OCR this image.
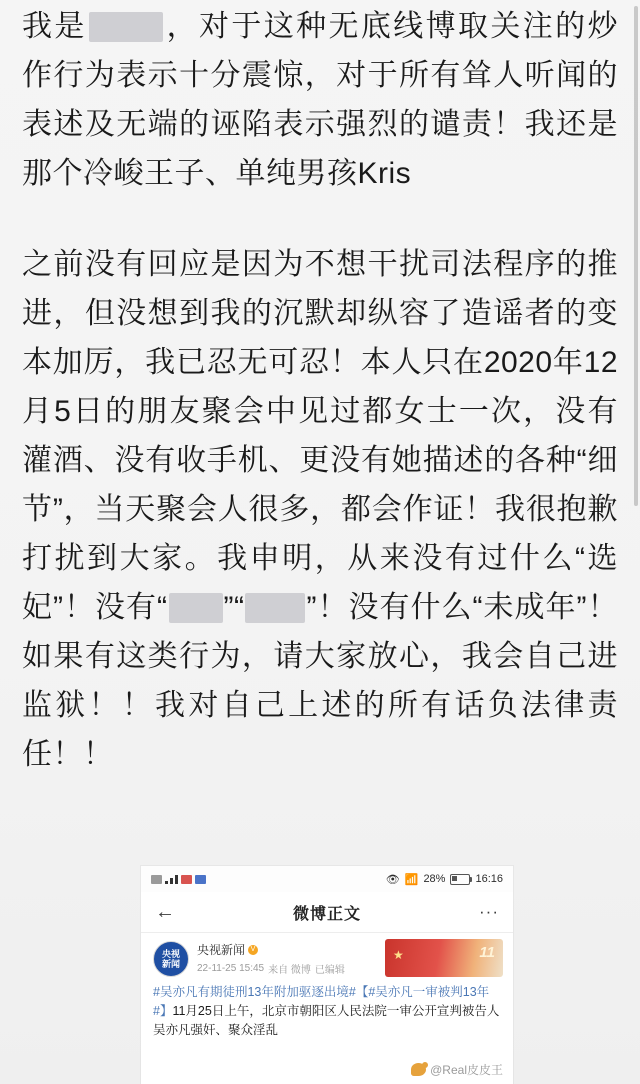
我是	，对于这种无底线博取关注的炒作行为表示十分震惊，对于所有耸人听闻的表述及无端的诬陷表示强烈的谴责！我还是那个冷峻王子、单纯男孩Kris

之前没有回应是因为不想干扰司法程序的推进，但没想到我的沉默却纵容了造谣者的变本加厉，我已忍无可忍！本人只在2020年12月5日的朋友聚会中见过都女士一次，没有灌酒、没有收手机、更没有她描述的各种“细节”，当天聚会人很多，都会作证！我很抱歉打扰到大家。我申明，从来没有过什么“选妃”！没有“ ”“ ”！没有什么“未成年”！如果有这类行为，请大家放心，我会自己进监狱！！我对自己上述的所有话负法律责任！！

👁 📶 28%	16:16
←	微博正文	···
央视
新闻
央视新闻 V
22-11-25 15:45 来自 微博 已编辑
★	11
#吴亦凡有期徒刑13年附加驱逐出境#【#吴亦凡一审被判13年#】11月25日上午，北京市朝阳区人民法院一审公开宣判被告人吴亦凡强奸、聚众淫乱
@Real皮皮王
